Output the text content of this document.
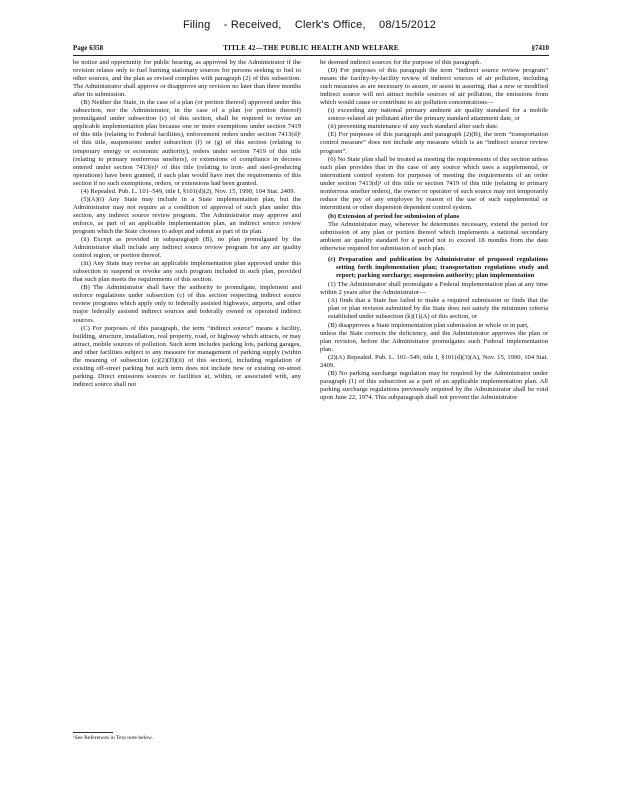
Filing - Received, Clerk's Office, 08/15/2012
Page 6358	TITLE 42—THE PUBLIC HEALTH AND WELFARE	§7410

be notice and opportunity for public hearing, as approved by the Administrator if the revision relates only to fuel burning stationary sources for persons seeking to fuel to other sources, and the plan as revised complies with paragraph (2) of this subsection. The Administrator shall approve or disapprove any revision no later than three months after its submission.

(B) Neither the State, in the case of a plan (or portion thereof) approved under this subsection, nor the Administrator, in the case of a plan (or portion thereof) promulgated under subsection (c) of this section, shall be required to revise an applicable implementation plan because one or more exemptions under section 7419 of this title (relating to Federal facilities), enforcement orders under section 7413(d)¹ of this title, suspensions under subsection (f) or (g) of this section (relating to temporary energy or economic authority), orders under section 7419 of this title (relating to primary nonferrous smelters), or extensions of compliance in decrees entered under section 7413(e)¹ of this title (relating to iron- and steel-producing operations) have been granted, if such plan would have met the requirements of this section if no such exemptions, orders, or extensions had been granted.

(4) Repealed. Pub. L. 101–549, title I, §101(d)(2), Nov. 15, 1990, 104 Stat. 2409.

(5)(A)(i) Any State may include in a State implementation plan, but the Administrator may not require as a condition of approval of such plan under this section, any indirect source review program. The Administrator may approve and enforce, as part of an applicable implementation plan, an indirect source review program which the State chooses to adopt and submit as part of its plan.

(ii) Except as provided in subparagraph (B), no plan promulgated by the Administrator shall include any indirect source review program for any air quality control region, or portion thereof.

(iii) Any State may revise an applicable implementation plan approved under this subsection to suspend or revoke any such program included in such plan, provided that such plan meets the requirements of this section.

(B) The Administrator shall have the authority to promulgate, implement and enforce regulations under subsection (c) of this section respecting indirect source review programs which apply only to federally assisted highways, airports, and other major federally assisted indirect sources and federally owned or operated indirect sources.

(C) For purposes of this paragraph, the term “indirect source” means a facility, building, structure, installation, real property, road, or highway which attracts, or may attract, mobile sources of pollution. Such term includes parking lots, parking garages, and other facilities subject to any measure for management of parking supply (within the meaning of subsection (c)(2)(D)(ii) of this section), including regulation of existing off-street parking but such term does not include new or existing on-street parking. Direct emissions sources or facilities at, within, or associated with, any indirect source shall not

be deemed indirect sources for the purpose of this paragraph.

(D) For purposes of this paragraph the term “indirect source review program” means the facility-by-facility review of indirect sources of air pollution, including such measures as are necessary to assure, or assist in assuring, that a new or modified indirect source will not attract mobile sources of air pollution, the emissions from which would cause or contribute to air pollution concentrations—

(i) exceeding any national primary ambient air quality standard for a mobile source-related air pollutant after the primary standard attainment date, or

(ii) preventing maintenance of any such standard after such date.

(E) For purposes of this paragraph and paragraph (2)(B), the term “transportation control measure” does not include any measure which is an “indirect source review program”.

(6) No State plan shall be treated as meeting the requirements of this section unless such plan provides that in the case of any source which uses a supplemental, or intermittent control system for purposes of meeting the requirements of an order under section 7413(d)¹ of this title or section 7419 of this title (relating to primary nonferrous smelter orders), the owner or operator of such source may not temporarily reduce the pay of any employee by reason of the use of such supplemental or intermittent or other dispersion dependent control system.

(b) Extension of period for submission of plans

The Administrator may, wherever he determines necessary, extend the period for submission of any plan or portion thereof which implements a national secondary ambient air quality standard for a period not to exceed 18 months from the date otherwise required for submission of such plan.

(c) Preparation and publication by Administrator of proposed regulations setting forth implementation plan; transportation regulations study and report; parking surcharge; suspension authority; plan implementation

(1) The Administrator shall promulgate a Federal implementation plan at any time within 2 years after the Administrator—

(A) finds that a State has failed to make a required submission or finds that the plan or plan revision submitted by the State does not satisfy the minimum criteria established under subsection (k)(1)(A) of this section, or

(B) disapproves a State implementation plan submission in whole or in part,

unless the State corrects the deficiency, and the Administrator approves the plan or plan revision, before the Administrator promulgates such Federal implementation plan.

(2)(A) Repealed. Pub. L. 101–549, title I, §101(d)(3)(A), Nov. 15, 1990, 104 Stat. 2409.

(B) No parking surcharge regulation may be required by the Administrator under paragraph (1) of this subsection as a part of an applicable implementation plan. All parking surcharge regulations previously required by the Administrator shall be void upon June 22, 1974. This subparagraph shall not prevent the Administrator

¹See References in Text note below.
